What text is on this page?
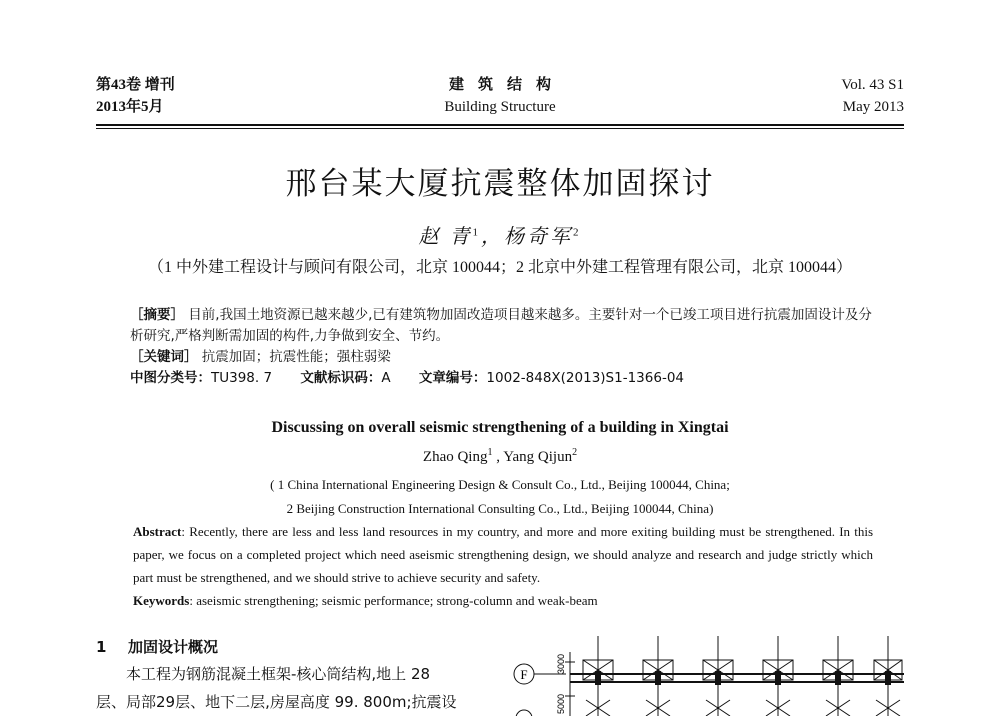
第43卷 增刊
2013年5月
建筑结构
Building Structure
Vol. 43 S1
May 2013
邢台某大厦抗震整体加固探讨
赵 青$^1$，杨奇军$^2$
（1 中外建工程设计与顾问有限公司，北京 100044；2 北京中外建工程管理有限公司，北京 100044）

［摘要］ 目前,我国土地资源已越来越少,已有建筑物加固改造项目越来越多。主要针对一个已竣工项目进行抗震加固设计及分析研究,严格判断需加固的构件,力争做到安全、节约。

［关键词］ 抗震加固；抗震性能；强柱弱梁

中图分类号：TU398. 7 文献标识码：A 文章编号：1002-848X(2013)S1-1366-04

Discussing on overall seismic strengthening of a building in Xingtai
Zhao Qing$^1$ , Yang Qijun$^2$
( 1 China International Engineering Design & Consult Co., Ltd., Beijing 100044, China;
2 Beijing Construction International Consulting Co., Ltd., Beijing 100044, China)

Abstract: Recently, there are less and less land resources in my country, and more and more exiting building must be strengthened. In this paper, we focus on a completed project which need aseismic strengthening design, we should analyze and research and judge strictly which part must be strengthened, and we should strive to achieve security and safety.

Keywords: aseismic strengthening; seismic performance; strong-column and weak-beam

1 加固设计概况

本工程为钢筋混凝土框架-核心筒结构,地上 28

层、局部29层、地下二层,房屋高度 99. 800m;抗震设

F
3000
5000
